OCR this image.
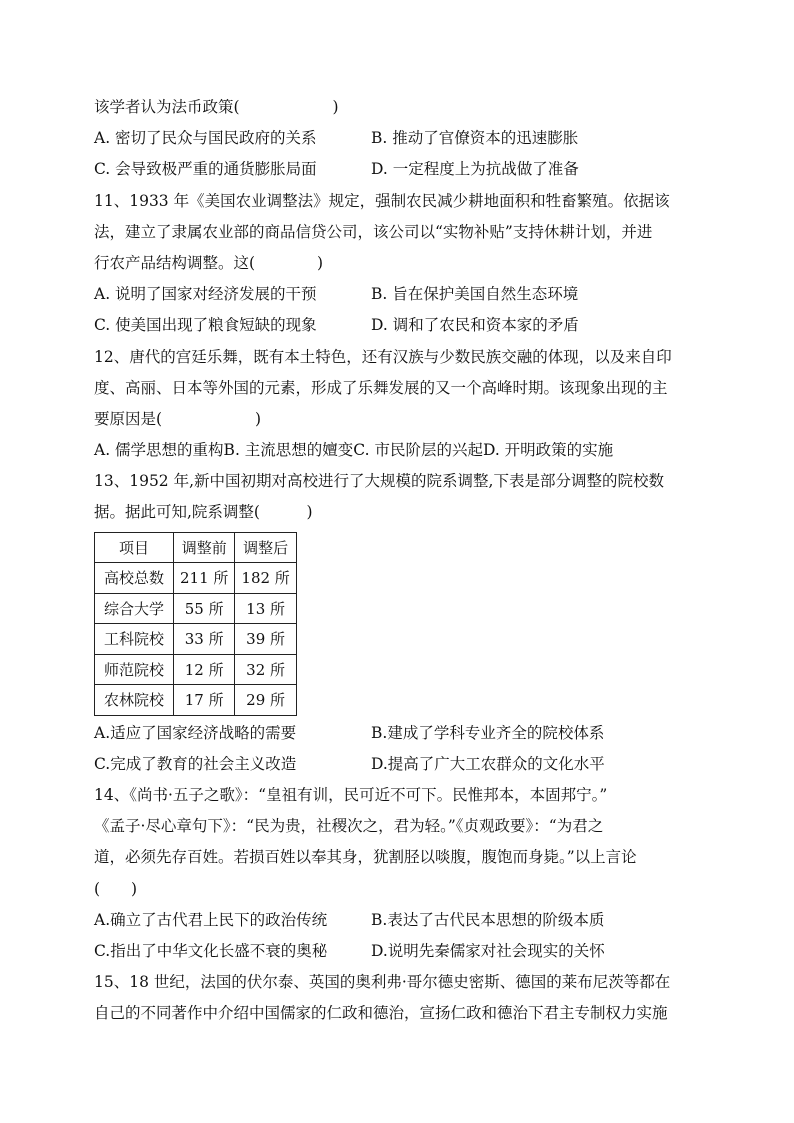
该学者认为法币政策(　　　　　　)
A. 密切了民众与国民政府的关系	B. 推动了官僚资本的迅速膨胀
C. 会导致极严重的通货膨胀局面	D. 一定程度上为抗战做了准备
11、1933 年《美国农业调整法》规定，强制农民减少耕地面积和牲畜繁殖。依据该
法，建立了隶属农业部的商品信贷公司，该公司以“实物补贴”支持休耕计划，并进
行农产品结构调整。这(　　　　)
A. 说明了国家对经济发展的干预	B. 旨在保护美国自然生态环境
C. 使美国出现了粮食短缺的现象	D. 调和了农民和资本家的矛盾
12、唐代的宫廷乐舞，既有本土特色，还有汉族与少数民族交融的体现，以及来自印
度、高丽、日本等外国的元素，形成了乐舞发展的又一个高峰时期。该现象出现的主
要原因是(　　　　　　)
A. 儒学思想的重构B. 主流思想的嬗变C. 市民阶层的兴起D. 开明政策的实施
13、1952 年,新中国初期对高校进行了大规模的院系调整,下表是部分调整的院校数
据。据此可知,院系调整(　　　)
项目	调整前	调整后
高校总数	211 所	182 所
综合大学	55 所	13 所
工科院校	33 所	39 所
师范院校	12 所	32 所
农林院校	17 所	29 所
A.适应了国家经济战略的需要	B.建成了学科专业齐全的院校体系
C.完成了教育的社会主义改造	D.提高了广大工农群众的文化水平
14、《尚书·五子之歌》：“皇祖有训，民可近不可下。民惟邦本，本固邦宁。”
《孟子·尽心章句下》：“民为贵，社稷次之，君为轻。”《贞观政要》：“为君之
道，必须先存百姓。若损百姓以奉其身，犹割胫以啖腹，腹饱而身毙。”以上言论
(　　)
A.确立了古代君上民下的政治传统	B.表达了古代民本思想的阶级本质
C.指出了中华文化长盛不衰的奥秘	D.说明先秦儒家对社会现实的关怀
15、18 世纪，法国的伏尔泰、英国的奥利弗·哥尔德史密斯、德国的莱布尼茨等都在
自己的不同著作中介绍中国儒家的仁政和德治，宣扬仁政和德治下君主专制权力实施
